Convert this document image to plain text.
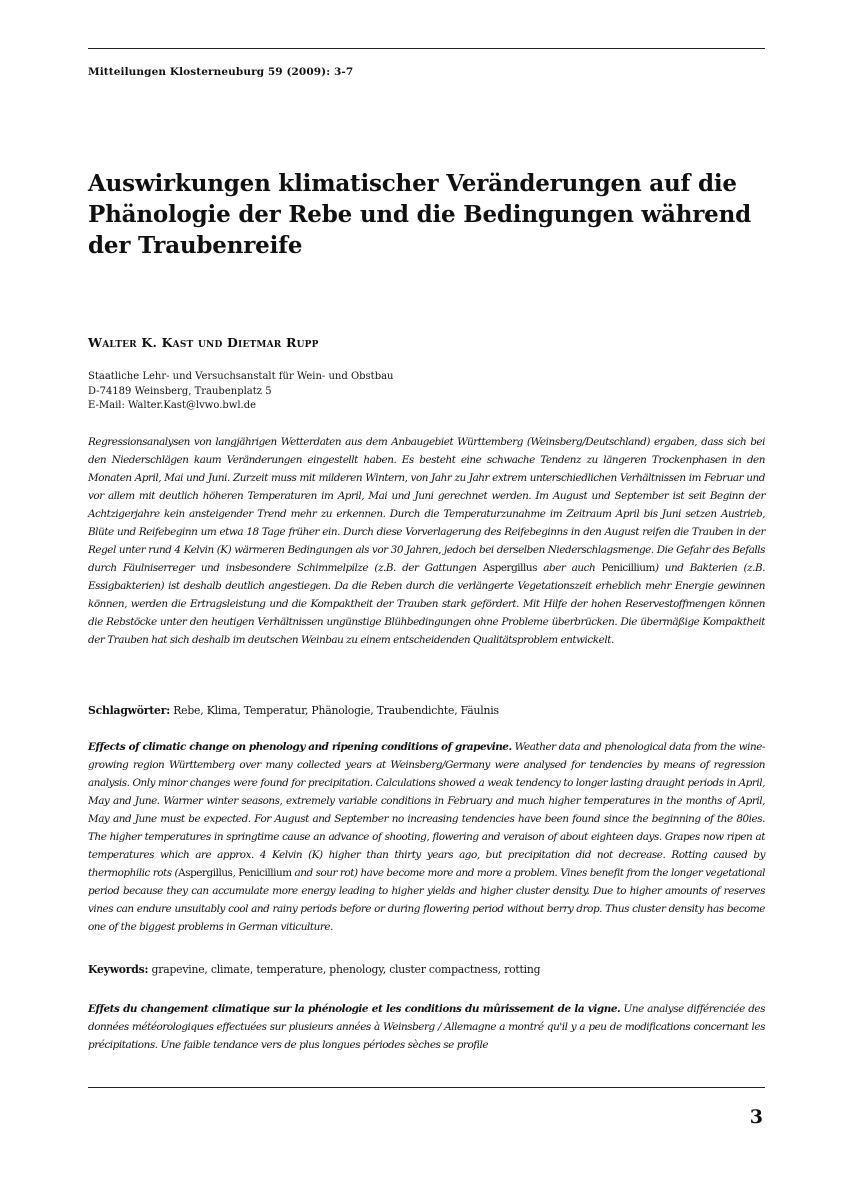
Mitteilungen Klosterneuburg 59 (2009): 3-7
Auswirkungen klimatischer Veränderungen auf die Phänologie der Rebe und die Bedingungen während der Traubenreife

Walter K. Kast und Dietmar Rupp

Staatliche Lehr- und Versuchsanstalt für Wein- und Obstbau
D-74189 Weinsberg, Traubenplatz 5
E-Mail: Walter.Kast@lvwo.bwl.de

Regressionsanalysen von langjährigen Wetterdaten aus dem Anbaugebiet Württemberg (Weinsberg/Deutschland) ergaben, dass sich bei den Niederschlägen kaum Veränderungen eingestellt haben. Es besteht eine schwache Tendenz zu längeren Trockenphasen in den Monaten April, Mai und Juni. Zurzeit muss mit milderen Wintern, von Jahr zu Jahr extrem unterschiedlichen Verhältnissen im Februar und vor allem mit deutlich höheren Temperaturen im April, Mai und Juni gerechnet werden. Im August und September ist seit Beginn der Achtzigerjahre kein ansteigender Trend mehr zu erkennen. Durch die Temperaturzunahme im Zeitraum April bis Juni setzen Austrieb, Blüte und Reifebeginn um etwa 18 Tage früher ein. Durch diese Vorverlagerung des Reifebeginns in den August reifen die Trauben in der Regel unter rund 4 Kelvin (K) wärmeren Bedingungen als vor 30 Jahren, jedoch bei derselben Niederschlagsmenge. Die Gefahr des Befalls durch Fäulniserreger und insbesondere Schimmelpilze (z.B. der Gattungen Aspergillus aber auch Penicillium) und Bakterien (z.B. Essigbakterien) ist deshalb deutlich angestiegen. Da die Reben durch die verlängerte Vegetationszeit erheblich mehr Energie gewinnen können, werden die Ertragsleistung und die Kompaktheit der Trauben stark gefördert. Mit Hilfe der hohen Reservestoffmengen können die Rebstöcke unter den heutigen Verhältnissen ungünstige Blühbedingungen ohne Probleme überbrücken. Die übermäßige Kompaktheit der Trauben hat sich deshalb im deutschen Weinbau zu einem entscheidenden Qualitätsproblem entwickelt.

Schlagwörter: Rebe, Klima, Temperatur, Phänologie, Traubendichte, Fäulnis

Effects of climatic change on phenology and ripening conditions of grapevine. Weather data and phenological data from the wine-growing region Württemberg over many collected years at Weinsberg/Germany were analysed for tendencies by means of regression analysis. Only minor changes were found for precipitation. Calculations showed a weak tendency to longer lasting draught periods in April, May and June. Warmer winter seasons, extremely variable conditions in February and much higher temperatures in the months of April, May and June must be expected. For August and September no increasing tendencies have been found since the beginning of the 80ies. The higher temperatures in springtime cause an advance of shooting, flowering and veraison of about eighteen days. Grapes now ripen at temperatures which are approx. 4 Kelvin (K) higher than thirty years ago, but precipitation did not decrease. Rotting caused by thermophilic rots (Aspergillus, Penicillium and sour rot) have become more and more a problem. Vines benefit from the longer vegetational period because they can accumulate more energy leading to higher yields and higher cluster density. Due to higher amounts of reserves vines can endure unsuitably cool and rainy periods before or during flowering period without berry drop. Thus cluster density has become one of the biggest problems in German viticulture.

Keywords: grapevine, climate, temperature, phenology, cluster compactness, rotting

Effets du changement climatique sur la phénologie et les conditions du mûrissement de la vigne. Une analyse différenciée des données météorologiques effectuées sur plusieurs années à Weinsberg / Allemagne a montré qu'il y a peu de modifications concernant les précipitations. Une faible tendance vers de plus longues périodes sèches se profile

3
